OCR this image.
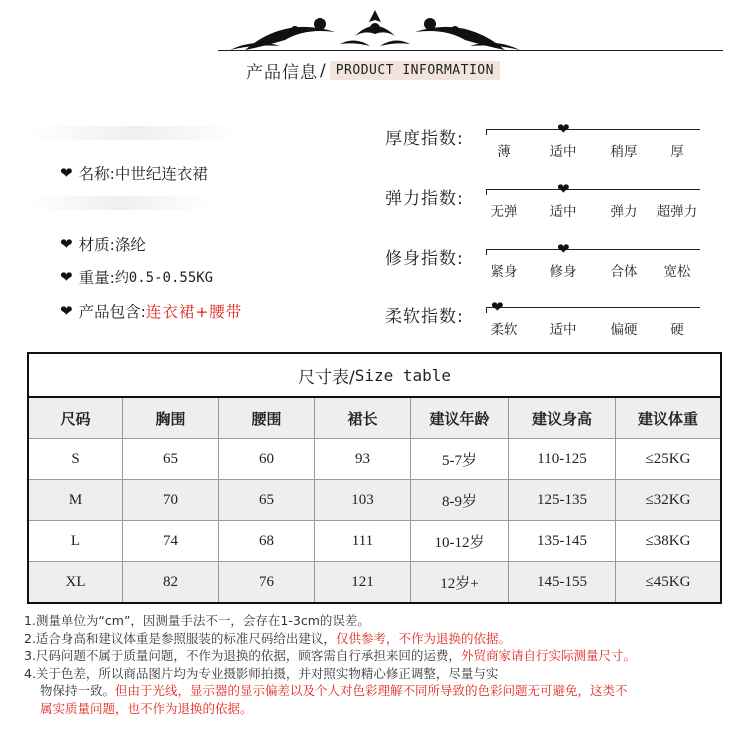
产品信息 / PRODUCT INFORMATION
❤ 名称: 中世纪连衣裙
❤ 材质: 涤纶
❤ 重量: 约0.5-0.55KG
❤ 产品包含: 连衣裙+腰带
厚度指数:	❤
薄	适中	稍厚 厚
弹力指数:	❤
无弹 适中	弹力 超弹力
修身指数:	❤
紧身 修身	合体 宽松
柔软指数: ❤
柔软 适中	偏硬 硬
尺寸表/ Size table
尺码	胸围	腰围	裙长	建议年龄	建议身高	建议体重
S	65	60	93	5-7岁	110-125	≤25KG
M	70	65	103	8-9岁	125-135	≤32KG
L	74	68	111	10-12岁	135-145	≤38KG
XL	82	76	121	12岁+	145-155	≤45KG
1.测量单位为“cm”，因测量手法不一，会存在1-3cm的误差。
2.适合身高和建议体重是参照服装的标准尺码给出建议，仅供参考，不作为退换的依据。
3.尺码问题不属于质量问题，不作为退换的依据，顾客需自行承担来回的运费，外贸商家请自行实际测量尺寸。
4.关于色差，所以商品图片均为专业摄影师拍摄，并对照实物精心修正调整，尽量与实
物保持一致。但由于光线，显示器的显示偏差以及个人对色彩理解不同所导致的色彩问题无可避免，这类不
属实质量问题，也不作为退换的依据。
